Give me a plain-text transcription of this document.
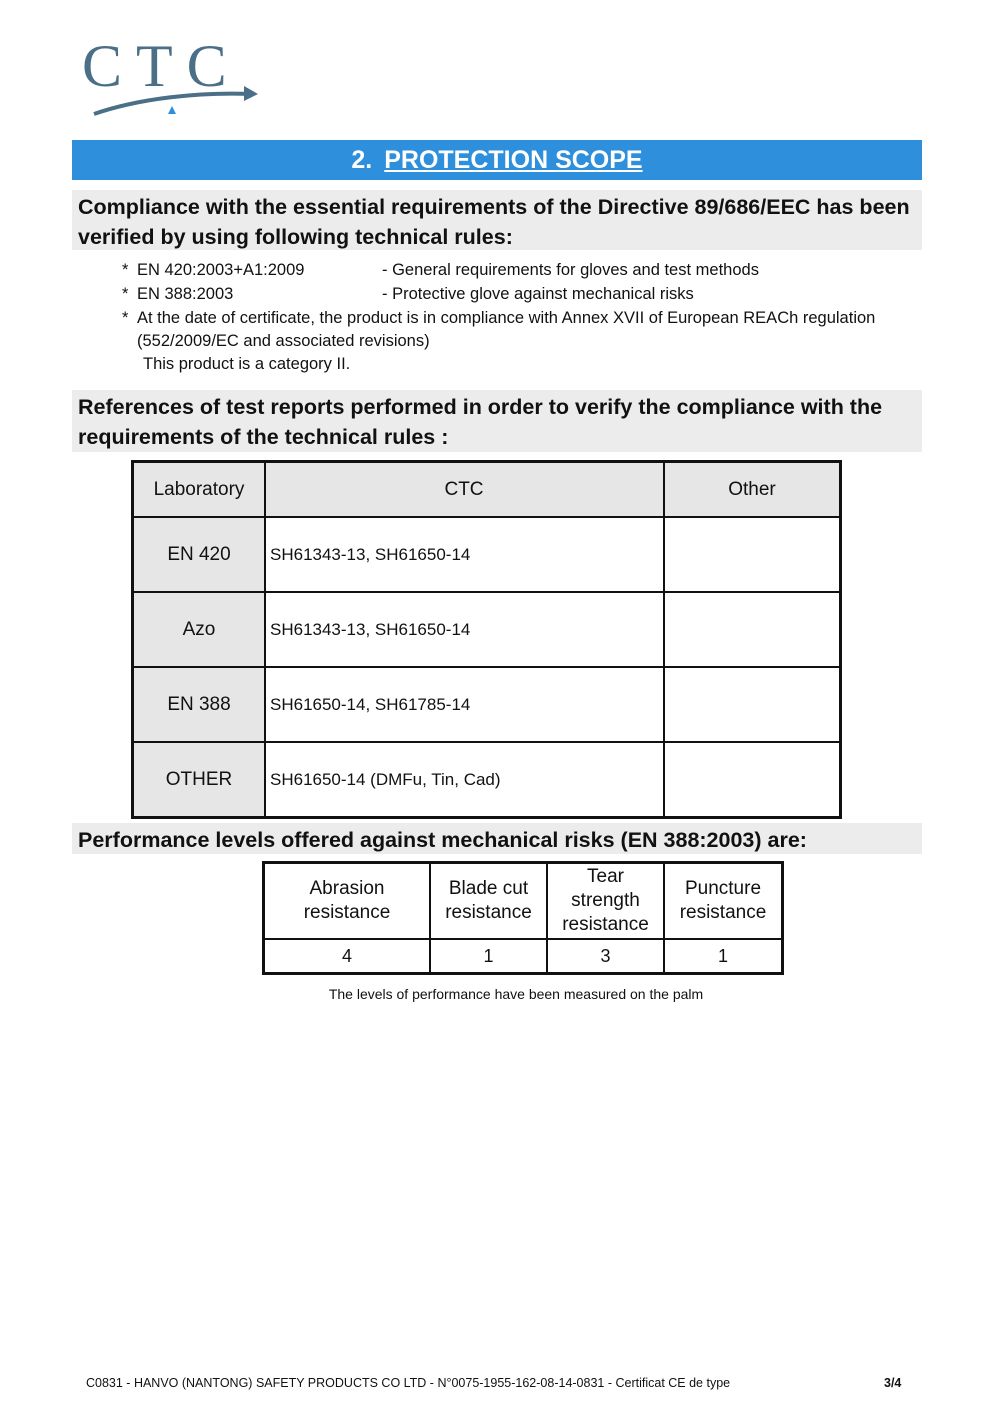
CTC
2. PROTECTION SCOPE
Compliance with the essential requirements of the Directive 89/686/EEC has been verified by using following technical rules:
* EN 420:2003+A1:2009	- General requirements for gloves and test methods
* EN 388:2003	- Protective glove against mechanical risks
* At the date of certificate, the product is in compliance with Annex XVII of European REACh regulation (552/2009/EC and associated revisions)
This product is a category II.
References of test reports performed in order to verify the compliance with the requirements of the technical rules :
Laboratory	CTC	Other
EN 420	SH61343-13, SH61650-14	
Azo	SH61343-13, SH61650-14	
EN 388	SH61650-14, SH61785-14	
OTHER	SH61650-14 (DMFu, Tin, Cad)	
Performance levels offered against mechanical risks (EN 388:2003) are:
Abrasion
resistance	Blade cut
resistance	Tear
strength
resistance	Puncture
resistance
4	1	3	1
The levels of performance have been measured on the palm
C0831 - HANVO (NANTONG) SAFETY PRODUCTS CO LTD - N°0075-1955-162-08-14-0831 - Certificat CE de type	3/4
